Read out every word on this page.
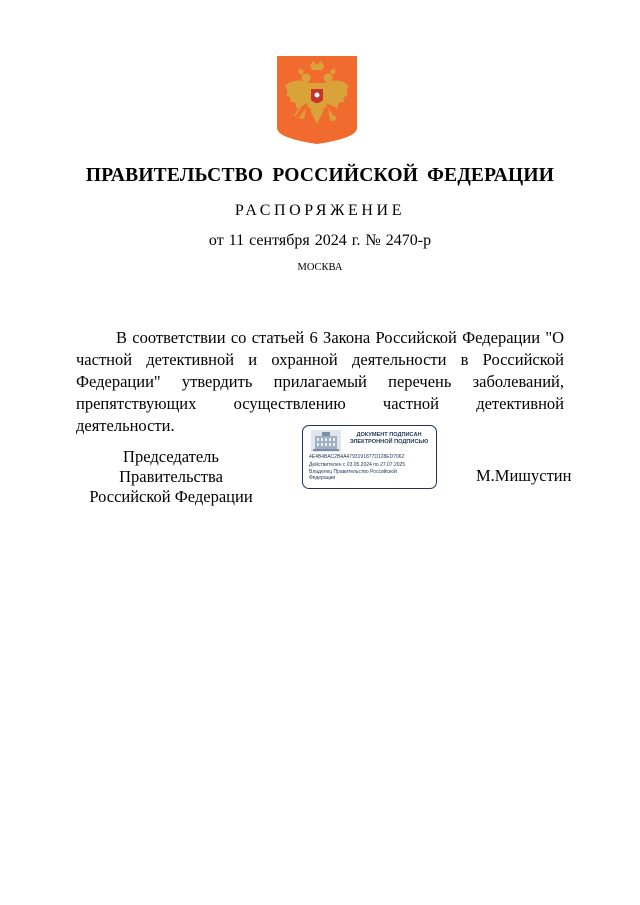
ПРАВИТЕЛЬСТВО РОССИЙСКОЙ ФЕДЕРАЦИИ
РАСПОРЯЖЕНИЕ
от 11 сентября 2024 г. № 2470-р
МОСКВА

В соответствии со статьей 6 Закона Российской Федерации "О частной детективной и охранной деятельности в Российской Федерации" утвердить прилагаемый перечень заболеваний, препятствующих осуществлению частной детективной деятельности.

Председатель Правительства
Российской Федерации
ДОКУМЕНТ ПОДПИСАН
ЭЛЕКТРОННОЙ ПОДПИСЬЮ
4E4B4BAC2B4A4793191877D128ED7062
Действителен с 03.05.2024 по 27.07.2025
Владелец Правительство Российской
Федерации	М.Мишустин
